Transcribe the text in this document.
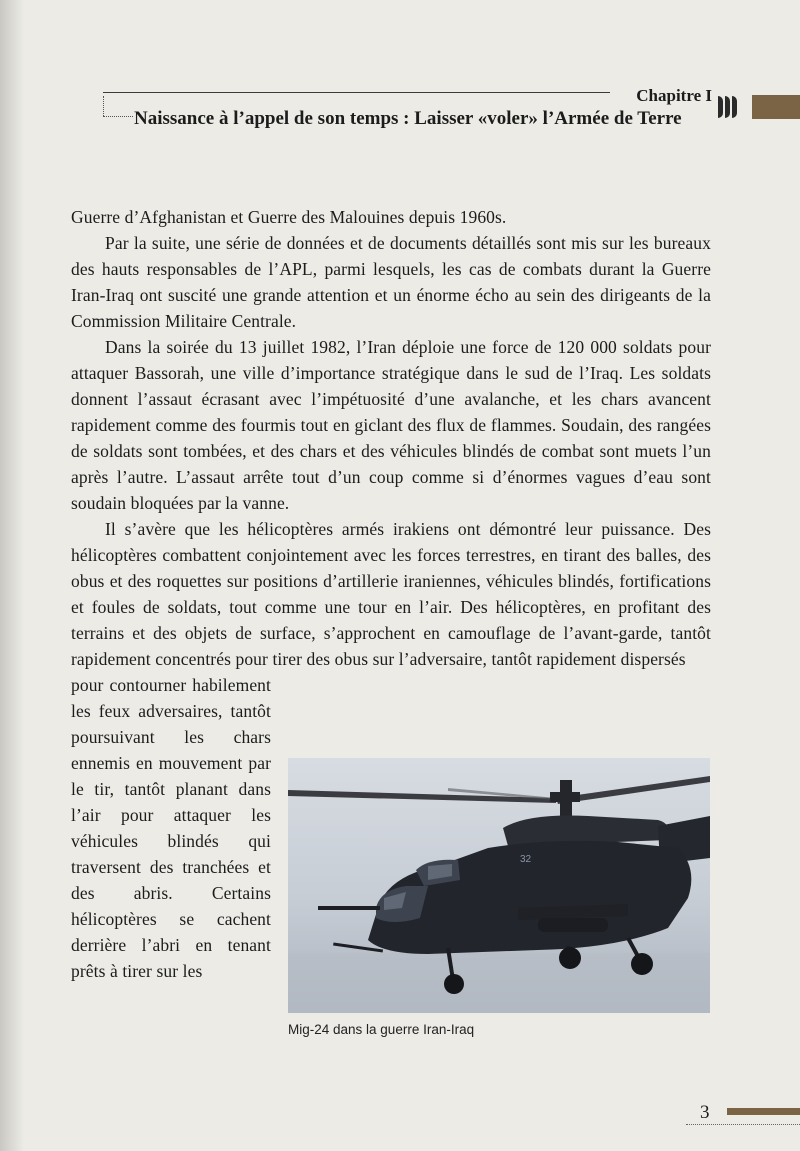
Chapitre I
Naissance à l’appel de son temps : Laisser «voler» l’Armée de Terre

Guerre d’Afghanistan et Guerre des Malouines depuis 1960s.

Par la suite, une série de données et de documents détaillés sont mis sur les bureaux des hauts responsables de l’APL, parmi lesquels, les cas de combats durant la Guerre Iran-Iraq ont suscité une grande attention et un énorme écho au sein des dirigeants de la Commission Militaire Centrale.

Dans la soirée du 13 juillet 1982, l’Iran déploie une force de 120 000 soldats pour attaquer Bassorah, une ville d’importance stratégique dans le sud de l’Iraq. Les soldats donnent l’assaut écrasant avec l’impétuosité d’une avalanche, et les chars avancent rapidement comme des fourmis tout en giclant des flux de flammes. Soudain, des rangées de soldats sont tombées, et des chars et des véhicules blindés de combat sont muets l’un après l’autre. L’assaut arrête tout d’un coup comme si d’énormes vagues d’eau sont soudain bloquées par la vanne.

Il s’avère que les hélicoptères armés irakiens ont démontré leur puissance. Des hélicoptères combattent conjointement avec les forces terrestres, en tirant des balles, des obus et des roquettes sur positions d’artillerie iraniennes, véhicules blindés, fortifications et foules de soldats, tout comme une tour en l’air. Des hélicoptères, en profitant des terrains et des objets de surface, s’approchent en camouflage de l’avant-garde, tantôt rapidement concentrés pour tirer des obus sur l’adversaire, tantôt rapidement dispersés

pour contourner habilement les feux adversaires, tantôt poursuivant les chars ennemis en mouvement par le tir, tantôt planant dans l’air pour attaquer les véhicules blindés qui traversent des tranchées et des abris. Certains hélicoptères se cachent derrière l’abri en tenant prêts à tirer sur les

32
Mig-24 dans la guerre Iran-Iraq
3
